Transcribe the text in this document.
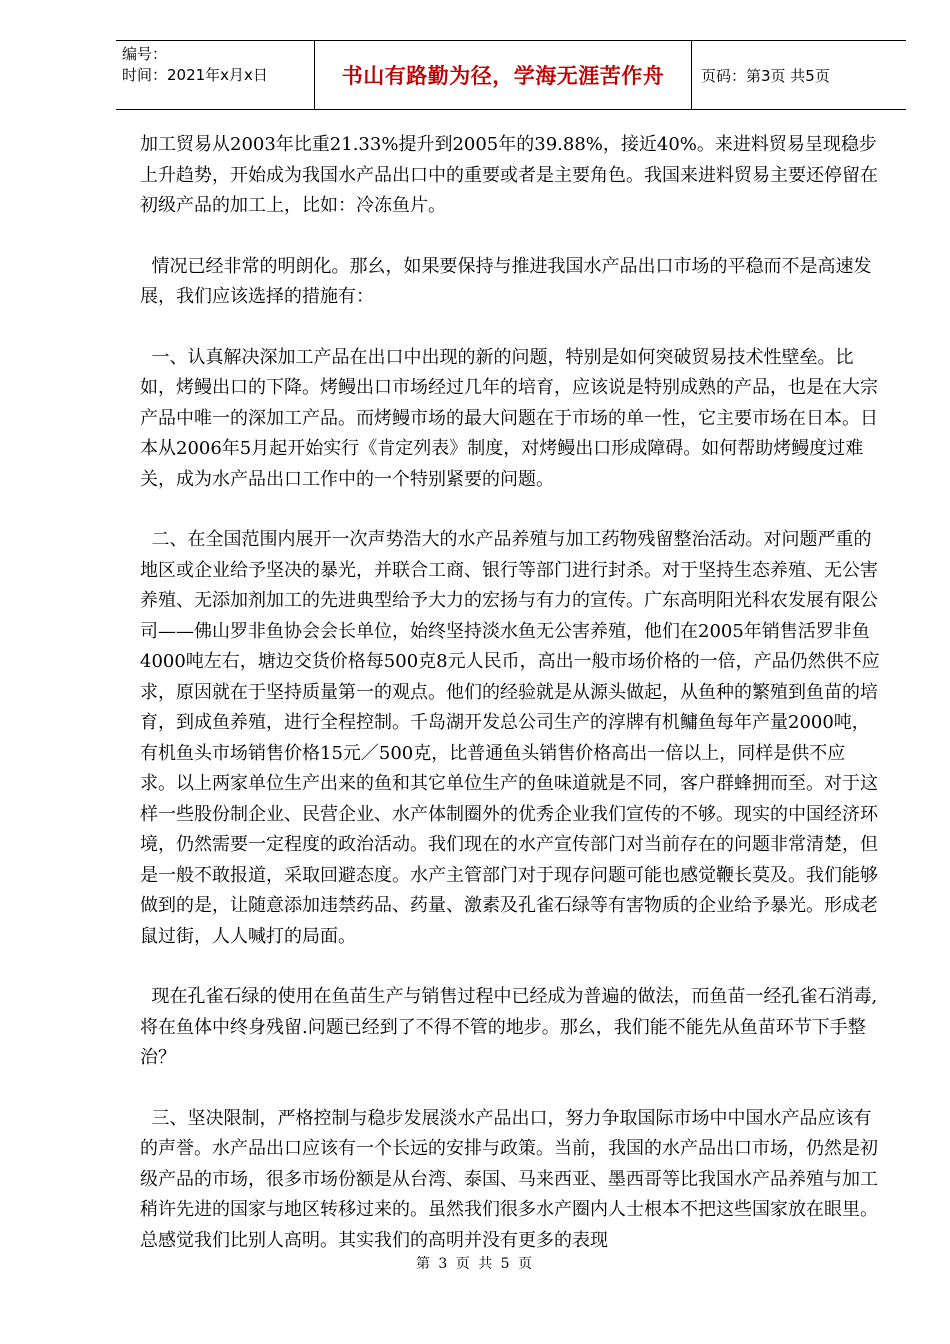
编号：
时间：2021年x月x日	书山有路勤为径，学海无涯苦作舟	页码：第3页 共5页

加工贸易从2003年比重21.33%提升到2005年的39.88%，接近40%。来进料贸易呈现稳步上升趋势，开始成为我国水产品出口中的重要或者是主要角色。我国来进料贸易主要还停留在初级产品的加工上，比如：冷冻鱼片。

情况已经非常的明朗化。那幺，如果要保持与推进我国水产品出口市场的平稳而不是高速发展，我们应该选择的措施有：

一、认真解决深加工产品在出口中出现的新的问题，特别是如何突破贸易技术性壁垒。比如，烤鳗出口的下降。烤鳗出口市场经过几年的培育，应该说是特别成熟的产品，也是在大宗产品中唯一的深加工产品。而烤鳗市场的最大问题在于市场的单一性，它主要市场在日本。日本从2006年5月起开始实行《肯定列表》制度，对烤鳗出口形成障碍。如何帮助烤鳗度过难关，成为水产品出口工作中的一个特别紧要的问题。

二、在全国范围内展开一次声势浩大的水产品养殖与加工药物残留整治活动。对问题严重的地区或企业给予坚决的暴光，并联合工商、银行等部门进行封杀。对于坚持生态养殖、无公害养殖、无添加剂加工的先进典型给予大力的宏扬与有力的宣传。广东高明阳光科农发展有限公司——佛山罗非鱼协会会长单位，始终坚持淡水鱼无公害养殖，他们在2005年销售活罗非鱼4000吨左右，塘边交货价格每500克8元人民币，高出一般市场价格的一倍，产品仍然供不应求，原因就在于坚持质量第一的观点。他们的经验就是从源头做起，从鱼种的繁殖到鱼苗的培育，到成鱼养殖，进行全程控制。千岛湖开发总公司生产的淳牌有机鳙鱼每年产量2000吨，有机鱼头市场销售价格15元／500克，比普通鱼头销售价格高出一倍以上，同样是供不应求。以上两家单位生产出来的鱼和其它单位生产的鱼味道就是不同，客户群蜂拥而至。对于这样一些股份制企业、民营企业、水产体制圈外的优秀企业我们宣传的不够。现实的中国经济环境，仍然需要一定程度的政治活动。我们现在的水产宣传部门对当前存在的问题非常清楚，但是一般不敢报道，采取回避态度。水产主管部门对于现存问题可能也感觉鞭长莫及。我们能够做到的是，让随意添加违禁药品、药量、激素及孔雀石绿等有害物质的企业给予暴光。形成老鼠过街，人人喊打的局面。

现在孔雀石绿的使用在鱼苗生产与销售过程中已经成为普遍的做法，而鱼苗一经孔雀石消毒,将在鱼体中终身残留.问题已经到了不得不管的地步。那幺，我们能不能先从鱼苗环节下手整治？

三、坚决限制，严格控制与稳步发展淡水产品出口，努力争取国际市场中中国水产品应该有的声誉。水产品出口应该有一个长远的安排与政策。当前，我国的水产品出口市场，仍然是初级产品的市场，很多市场份额是从台湾、泰国、马来西亚、墨西哥等比我国水产品养殖与加工稍许先进的国家与地区转移过来的。虽然我们很多水产圈内人士根本不把这些国家放在眼里。总感觉我们比别人高明。其实我们的高明并没有更多的表现

第 3 页 共 5 页
